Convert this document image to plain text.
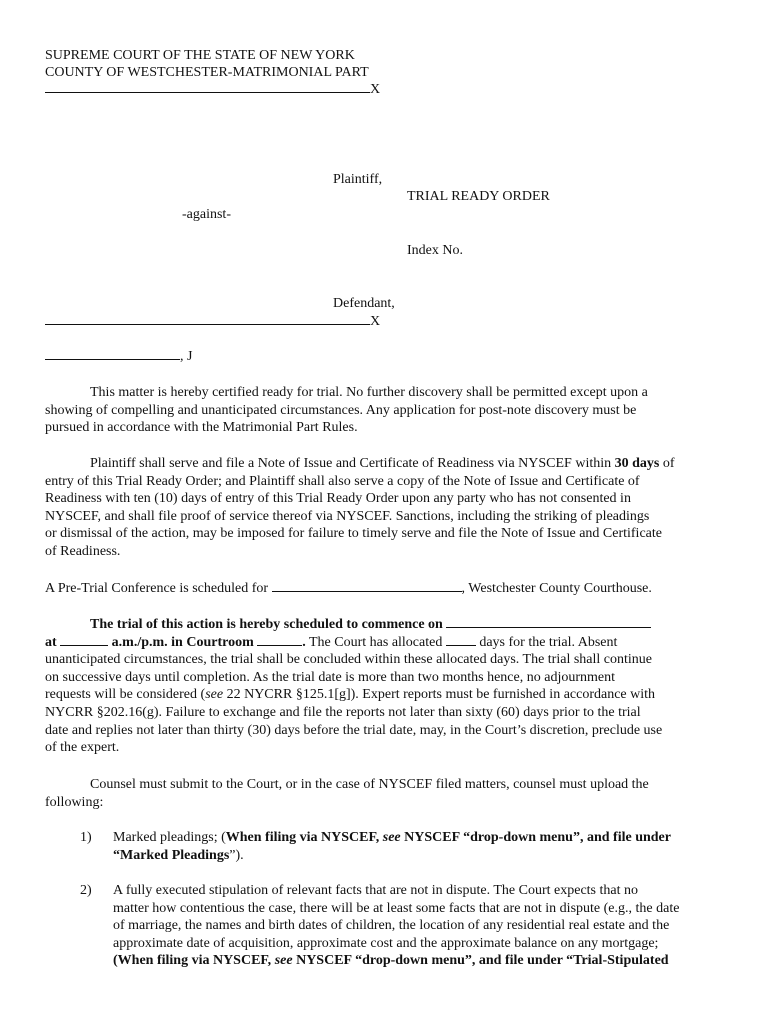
SUPREME COURT OF THE STATE OF NEW YORK
COUNTY OF WESTCHESTER-MATRIMONIAL PART
X
Plaintiff,
TRIAL READY ORDER
-against-
Index No.
Defendant,
X
, J
This matter is hereby certified ready for trial. No further discovery shall be permitted except upon a
showing of compelling and unanticipated circumstances. Any application for post-note discovery must be
pursued in accordance with the Matrimonial Part Rules.
Plaintiff shall serve and file a Note of Issue and Certificate of Readiness via NYSCEF within 30 days of
entry of this Trial Ready Order; and Plaintiff shall also serve a copy of the Note of Issue and Certificate of
Readiness with ten (10) days of entry of this Trial Ready Order upon any party who has not consented in
NYSCEF, and shall file proof of service thereof via NYSCEF. Sanctions, including the striking of pleadings
or dismissal of the action, may be imposed for failure to timely serve and file the Note of Issue and Certificate
of Readiness.
A Pre-Trial Conference is scheduled for	, Westchester County Courthouse.
The trial of this action is hereby scheduled to commence on
at	a.m./p.m. in Courtroom	. The Court has allocated  days for the trial. Absent
unanticipated circumstances, the trial shall be concluded within these allocated days. The trial shall continue
on successive days until completion. As the trial date is more than two months hence, no adjournment
requests will be considered (see 22 NYCRR §125.1[g]). Expert reports must be furnished in accordance with
NYCRR §202.16(g). Failure to exchange and file the reports not later than sixty (60) days prior to the trial
date and replies not later than thirty (30) days before the trial date, may, in the Court’s discretion, preclude use
of the expert.
Counsel must submit to the Court, or in the case of NYSCEF filed matters, counsel must upload the
following:
1) Marked pleadings; (When filing via NYSCEF, see NYSCEF “drop-down menu”, and file under
“Marked Pleadings”).
2) A fully executed stipulation of relevant facts that are not in dispute. The Court expects that no
matter how contentious the case, there will be at least some facts that are not in dispute (e.g., the date
of marriage, the names and birth dates of children, the location of any residential real estate and the
approximate date of acquisition, approximate cost and the approximate balance on any mortgage;
(When filing via NYSCEF, see NYSCEF “drop-down menu”, and file under “Trial-Stipulated
